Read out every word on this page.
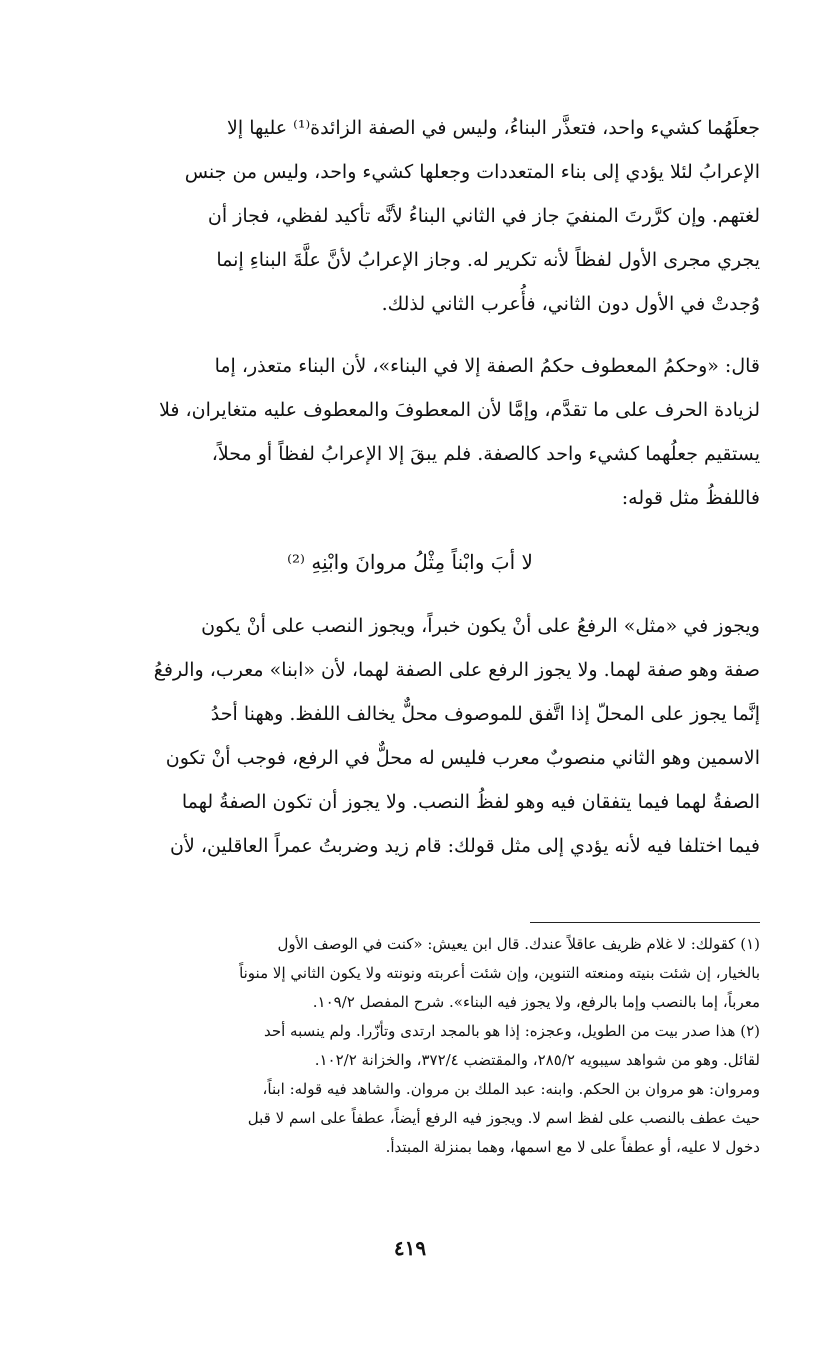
جعلَهُما كشيء واحد، فتعذَّر البناءُ، وليس في الصفة الزائدة⁽¹⁾ عليها إلا
الإعرابُ لئلا يؤدي إلى بناء المتعددات وجعلها كشيء واحد، وليس من جنس
لغتهم. وإن كرَّرتَ المنفيَ جاز في الثاني البناءُ لأنَّه تأكيد لفظي، فجاز أن
يجري مجرى الأول لفظاً لأنه تكرير له. وجاز الإعرابُ لأنَّ علَّةَ البناءِ إنما
وُجدتْ في الأول دون الثاني، فأُعرب الثاني لذلك.
قال: «وحكمُ المعطوف حكمُ الصفة إلا في البناء»، لأن البناء متعذر، إما
لزيادة الحرف على ما تقدَّم، وإمَّا لأن المعطوفَ والمعطوف عليه متغايران، فلا
يستقيم جعلُهما كشيء واحد كالصفة. فلم يبقَ إلا الإعرابُ لفظاً أو محلاً،
فاللفظُ مثل قوله:
لا أبَ وابْناً مِثْلُ مروانَ وابْنِهِ ⁽²⁾
ويجوز في «مثل» الرفعُ على أنْ يكون خبراً، ويجوز النصب على أنْ يكون
صفة وهو صفة لهما. ولا يجوز الرفع على الصفة لهما، لأن «ابنا» معرب، والرفعُ
إنَّما يجوز على المحلّ إذا اتَّفق للموصوف محلٌّ يخالف اللفظ. وههنا أحدُ
الاسمين وهو الثاني منصوبٌ معرب فليس له محلٌّ في الرفع، فوجب أنْ تكون
الصفةُ لهما فيما يتفقان فيه وهو لفظُ النصب. ولا يجوز أن تكون الصفةُ لهما
فيما اختلفا فيه لأنه يؤدي إلى مثل قولك: قام زيد وضربتُ عمراً العاقلين، لأن
(١) كقولك: لا غلام ظريف عاقلاً عندك. قال ابن يعيش: «كنت في الوصف الأول
بالخيار، إن شئت بنيته ومنعته التنوين، وإن شئت أعربته ونونته ولا يكون الثاني إلا منوناً
معرباً، إما بالنصب وإما بالرفع، ولا يجوز فيه البناء». شرح المفصل ١٠٩/٢.
(٢) هذا صدر بيت من الطويل، وعجزه: إذا هو بالمجد ارتدى وتأزّرا. ولم ينسبه أحد
لقائل. وهو من شواهد سيبويه ٢٨٥/٢، والمقتضب ٣٧٢/٤، والخزانة ١٠٢/٢.
ومروان: هو مروان بن الحكم. وابنه: عبد الملك بن مروان. والشاهد فيه قوله: ابناً،
حيث عطف بالنصب على لفظ اسم لا. ويجوز فيه الرفع أيضاً، عطفاً على اسم لا قبل
دخول لا عليه، أو عطفاً على لا مع اسمها، وهما بمنزلة المبتدأ.
٤١٩
